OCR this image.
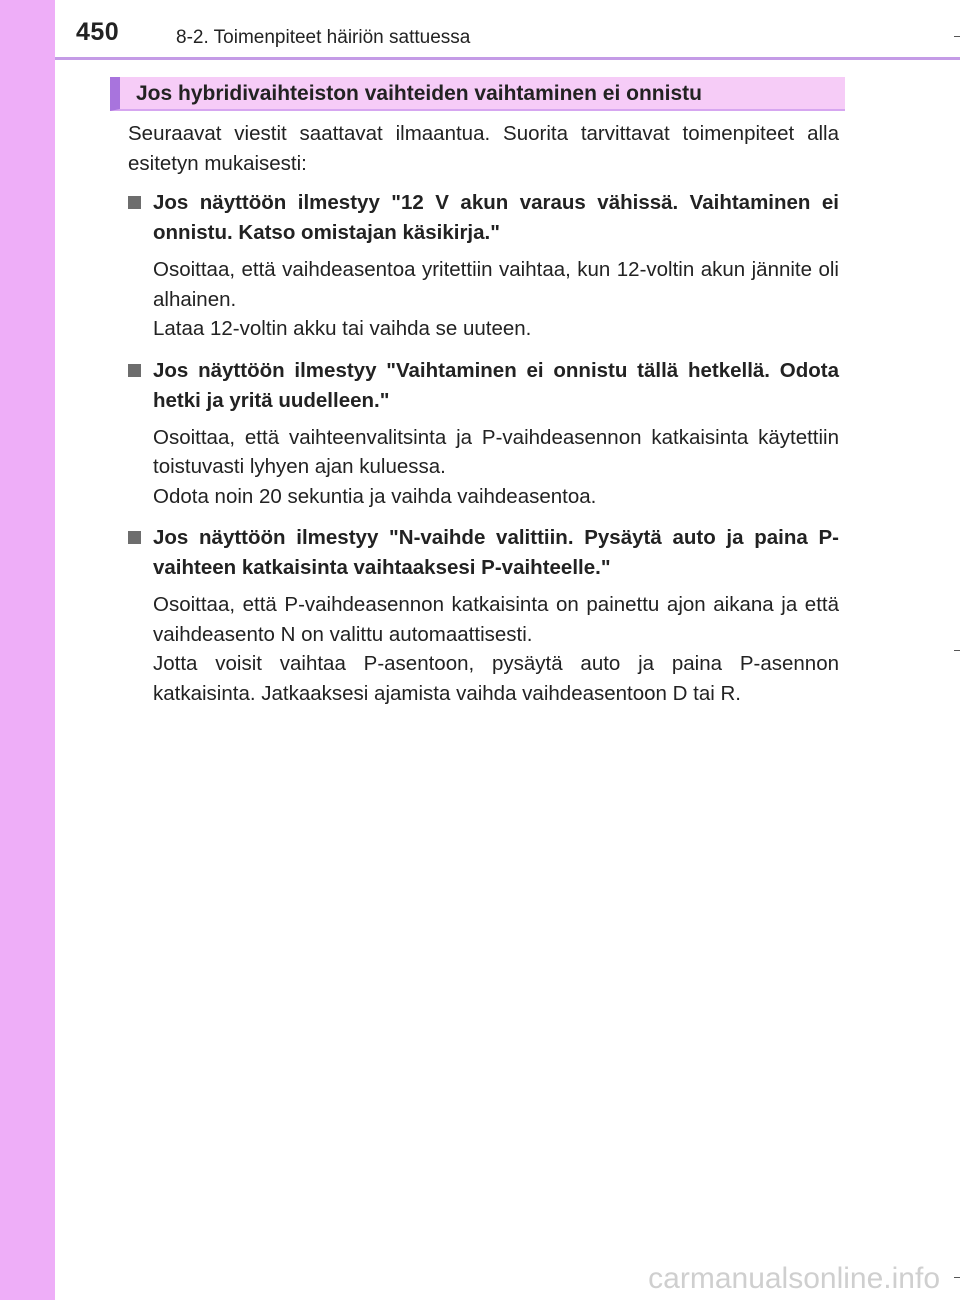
450	8-2. Toimenpiteet häiriön sattuessa
Jos hybridivaihteiston vaihteiden vaihtaminen ei onnistu

Seuraavat viestit saattavat ilmaantua. Suorita tarvittavat toimenpiteet alla esitetyn mukaisesti:

Jos näyttöön ilmestyy "12 V akun varaus vähissä. Vaihtaminen ei onnistu. Katso omistajan käsikirja."
Osoittaa, että vaihdeasentoa yritettiin vaihtaa, kun 12-voltin akun jännite oli alhainen.
Lataa 12-voltin akku tai vaihda se uuteen.
Jos näyttöön ilmestyy "Vaihtaminen ei onnistu tällä hetkellä. Odota hetki ja yritä uudelleen."
Osoittaa, että vaihteenvalitsinta ja P-vaihdeasennon katkaisinta käytettiin toistuvasti lyhyen ajan kuluessa.
Odota noin 20 sekuntia ja vaihda vaihdeasentoa.
Jos näyttöön ilmestyy "N-vaihde valittiin. Pysäytä auto ja paina P-vaihteen katkaisinta vaihtaaksesi P-vaihteelle."
Osoittaa, että P-vaihdeasennon katkaisinta on painettu ajon aikana ja että vaihdeasento N on valittu automaattisesti.
Jotta voisit vaihtaa P-asentoon, pysäytä auto ja paina P-asennon katkaisinta. Jatkaaksesi ajamista vaihda vaihdeasentoon D tai R.
carmanualsonline.info
